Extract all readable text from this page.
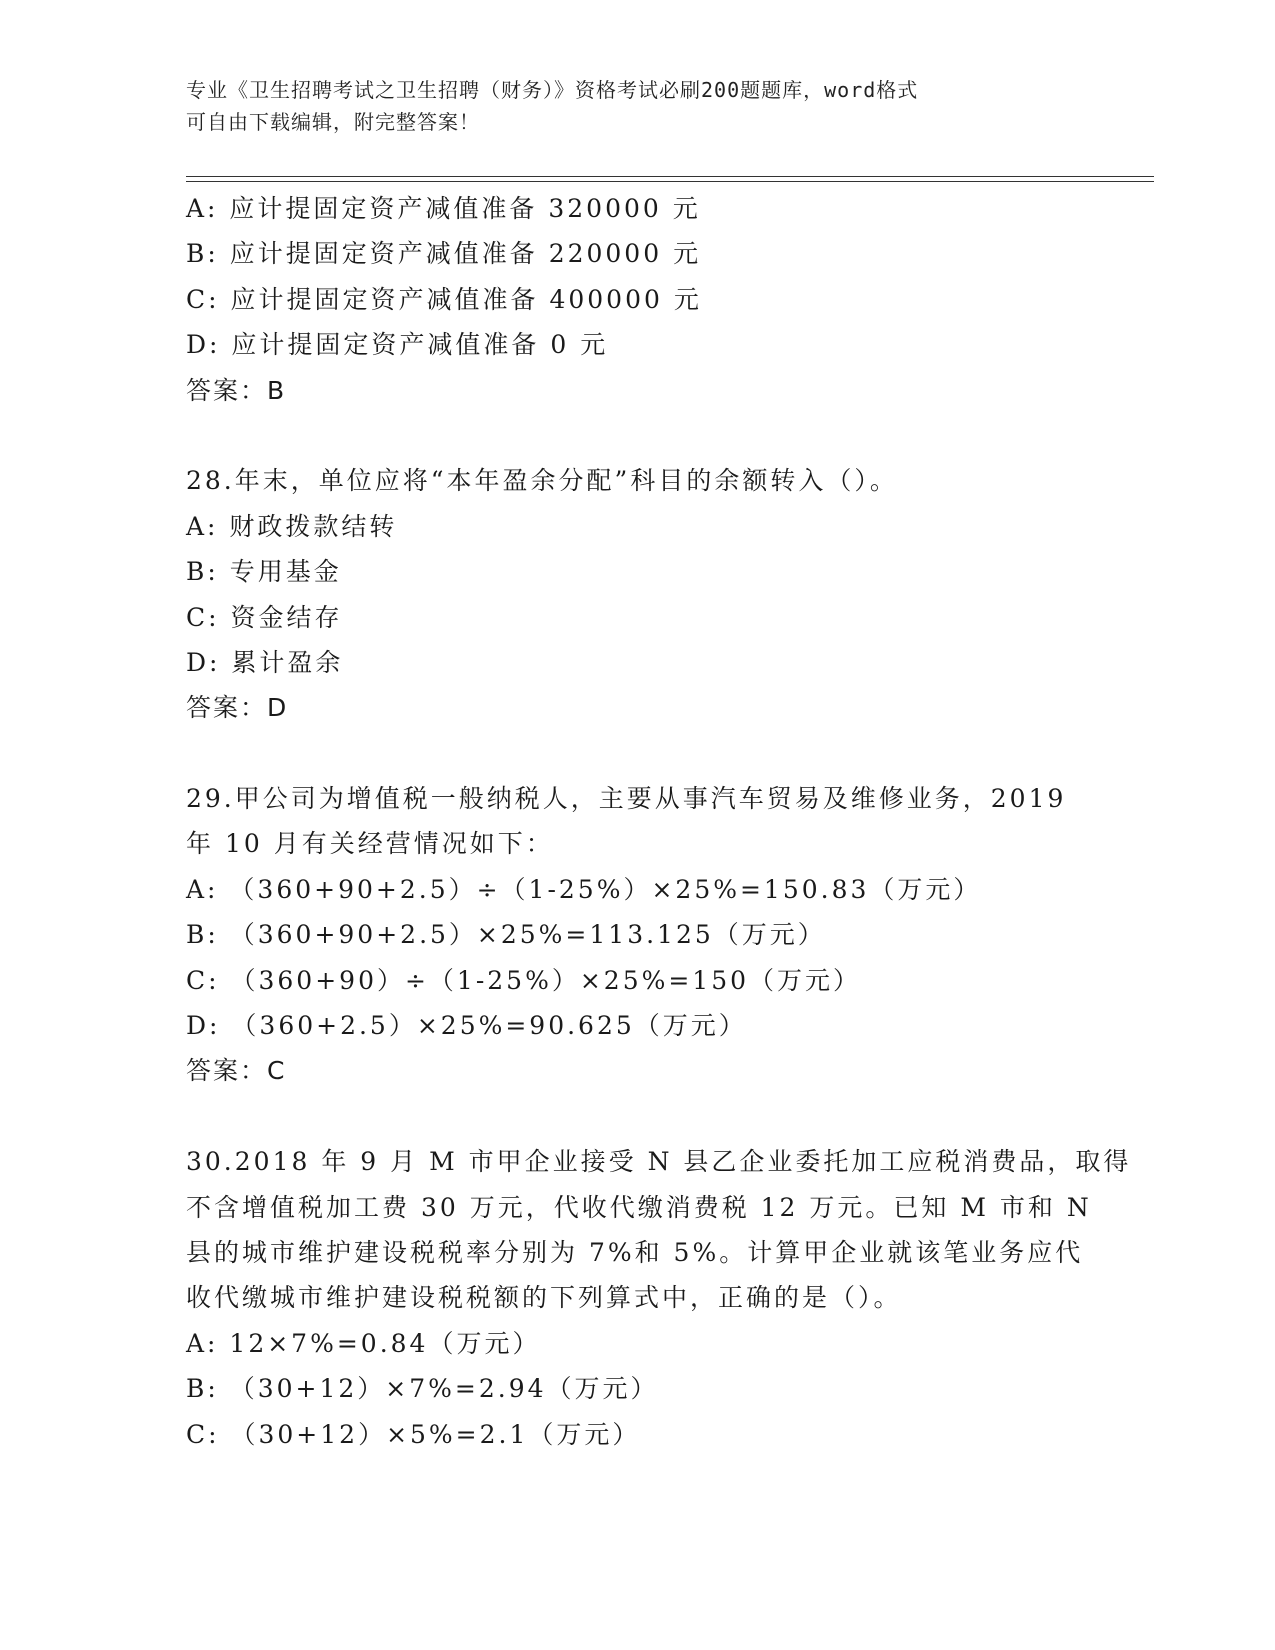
专业《卫生招聘考试之卫生招聘（财务）》资格考试必刷200题题库，word格式
可自由下载编辑，附完整答案！
A: 应计提固定资产减值准备 320000 元
B: 应计提固定资产减值准备 220000 元
C: 应计提固定资产减值准备 400000 元
D: 应计提固定资产减值准备 0 元
答案：B
28.年末，单位应将“本年盈余分配”科目的余额转入（）。
A: 财政拨款结转
B: 专用基金
C: 资金结存
D: 累计盈余
答案：D
29.甲公司为增值税一般纳税人，主要从事汽车贸易及维修业务，2019
年 10 月有关经营情况如下：
A: （360+90+2.5）÷（1-25%）×25%=150.83（万元）
B: （360+90+2.5）×25%=113.125（万元）
C: （360+90）÷（1-25%）×25%=150（万元）
D: （360+2.5）×25%=90.625（万元）
答案：C
30.2018 年 9 月 M 市甲企业接受 N 县乙企业委托加工应税消费品，取得
不含增值税加工费 30 万元，代收代缴消费税 12 万元。已知 M 市和 N
县的城市维护建设税税率分别为 7%和 5%。计算甲企业就该笔业务应代
收代缴城市维护建设税税额的下列算式中，正确的是（）。
A: 12×7%=0.84（万元）
B: （30+12）×7%=2.94（万元）
C: （30+12）×5%=2.1（万元）
